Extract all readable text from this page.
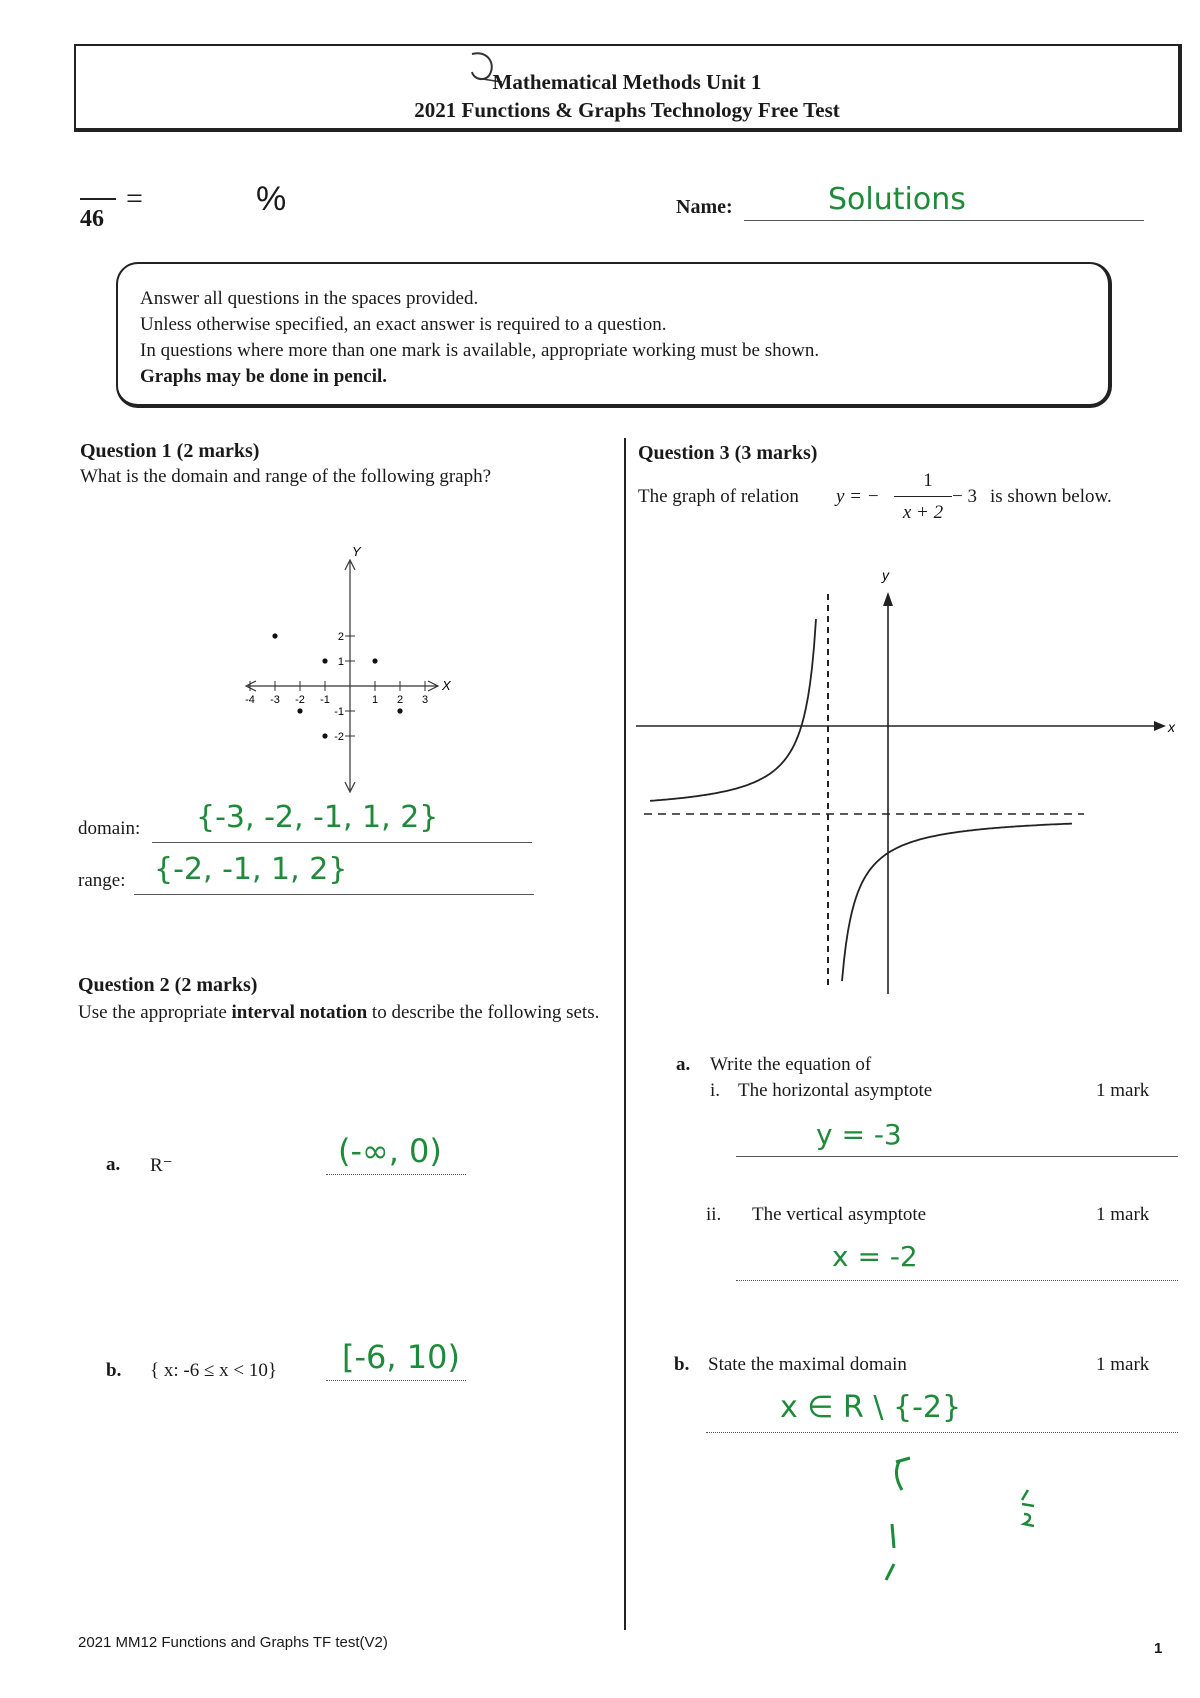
Mathematical Methods Unit 1
2021 Functions & Graphs Technology Free Test
46
=	%	Name:	Solutions
Answer all questions in the spaces provided.
Unless otherwise specified, an exact answer is required to a question.
In questions where more than one mark is available, appropriate working must be shown.
Graphs may be done in pencil.
Question 1 (2 marks)
What is the domain and range of the following graph?
X
Y
-4 -3 -2 -1	1 2 3
2
1
-1
-2
domain: {-3, -2, -1, 1, 2}
range: {-2, -1, 1, 2}
Question 2 (2 marks)
Use the appropriate interval notation to describe the following sets.
a. R⁻	(-∞, 0)
b. { x: -6 ≤ x < 10} [-6, 10)
Question 3 (3 marks)
The graph of relation y = −
1
x + 2
− 3 is shown below.
x
y
a. Write the equation of
i. The horizontal asymptote	1 mark
y = -3
ii. The vertical asymptote	1 mark
x = -2
b. State the maximal domain	1 mark
x ∈ R \ {-2}
2021 MM12 Functions and Graphs TF test(V2)	1
